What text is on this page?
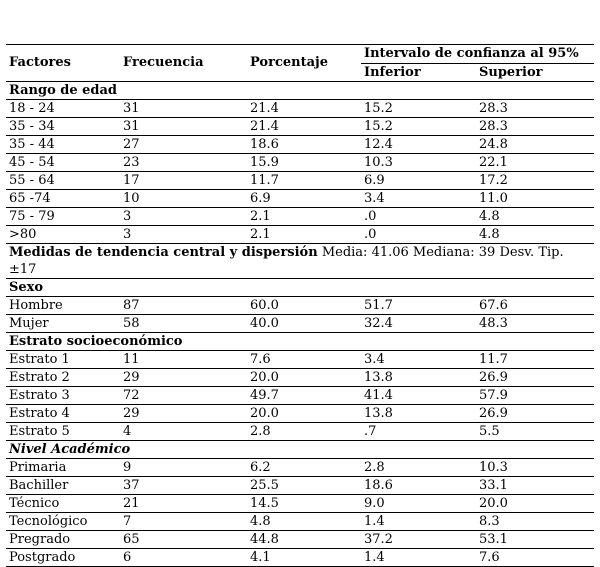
Factores	Frecuencia	Porcentaje	Intervalo de confianza al 95%	
			Inferior	Superior
Rango de edad				
18 - 24	31	21.4	15.2	28.3
35 - 34	31	21.4	15.2	28.3
35 - 44	27	18.6	12.4	24.8
45 - 54	23	15.9	10.3	22.1
55 - 64	17	11.7	6.9	17.2
65 -74	10	6.9	3.4	11.0
75 - 79	3	2.1	.0	4.8
>80	3	2.1	.0	4.8
Medidas de tendencia central y dispersión Media: 41.06 Mediana: 39 Desv. Tip. ±17				
Sexo				
Hombre	87	60.0	51.7	67.6
Mujer	58	40.0	32.4	48.3
Estrato socioeconómico				
Estrato 1	11	7.6	3.4	11.7
Estrato 2	29	20.0	13.8	26.9
Estrato 3	72	49.7	41.4	57.9
Estrato 4	29	20.0	13.8	26.9
Estrato 5	4	2.8	.7	5.5
Nivel Académico				
Primaria	9	6.2	2.8	10.3
Bachiller	37	25.5	18.6	33.1
Técnico	21	14.5	9.0	20.0
Tecnológico	7	4.8	1.4	8.3
Pregrado	65	44.8	37.2	53.1
Postgrado	6	4.1	1.4	7.6
